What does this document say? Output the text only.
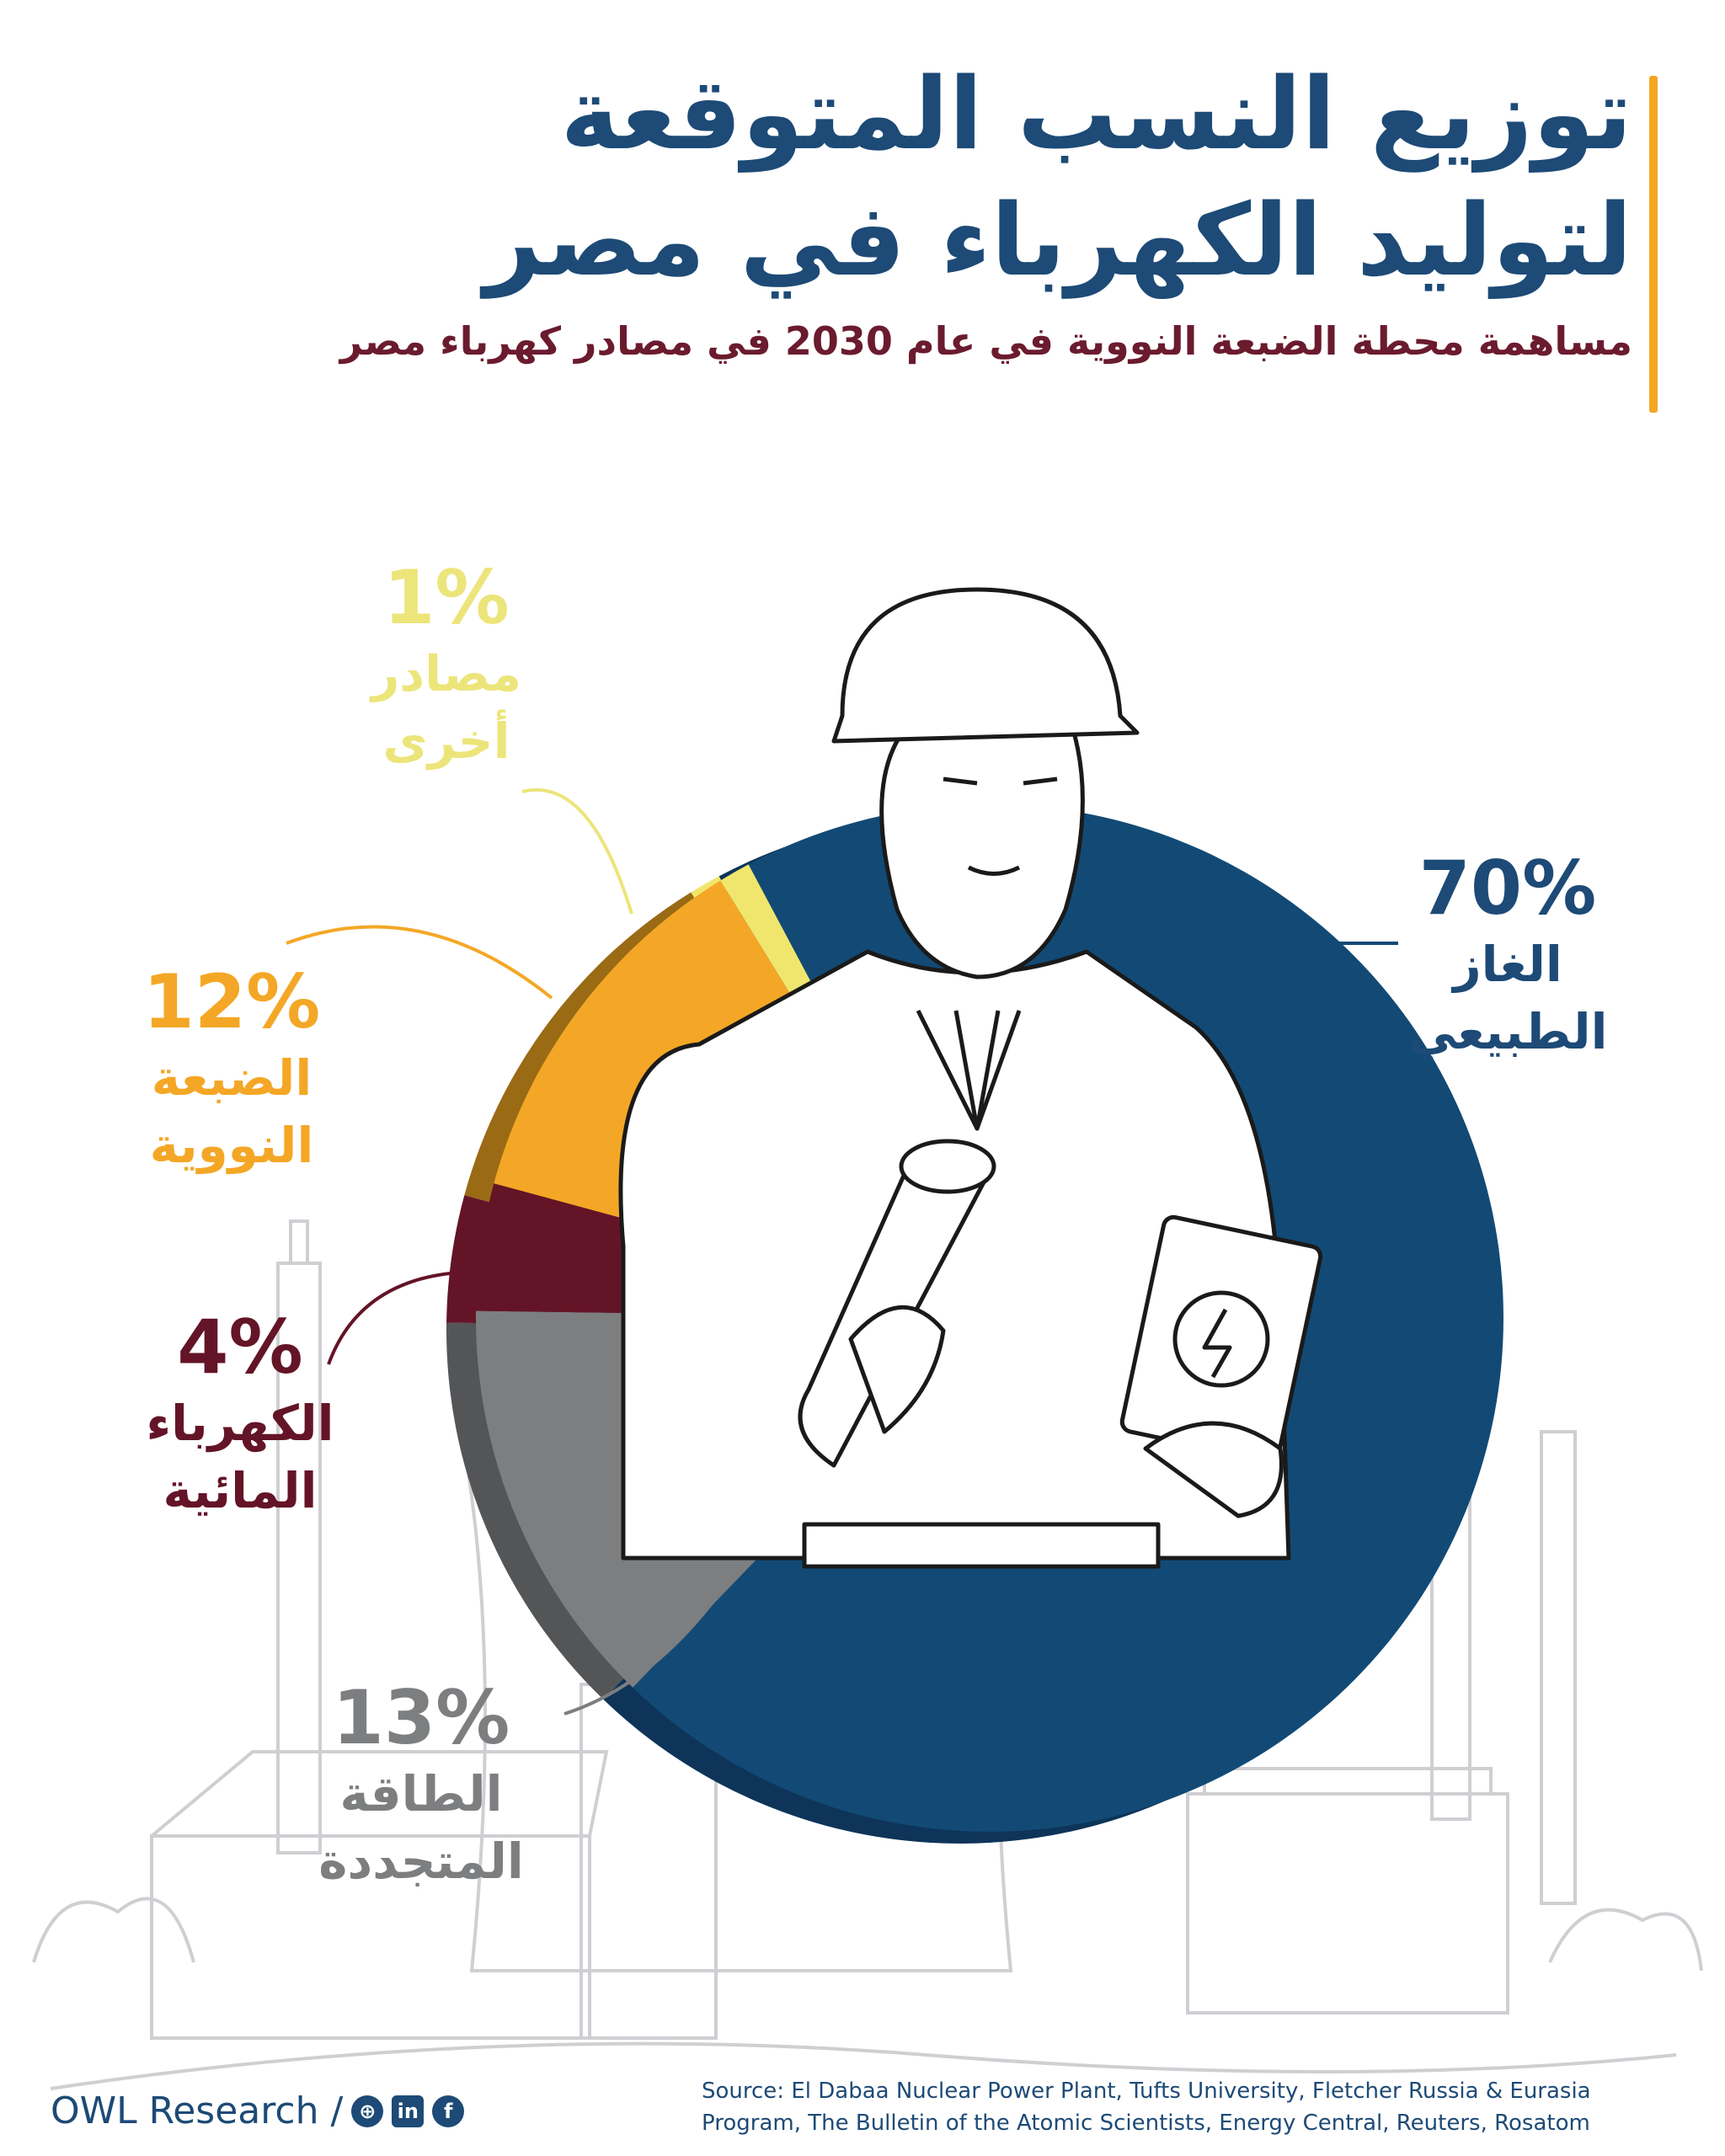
توزيع النسب المتوقعة
لتوليد الكهرباء في مصر
مساهمة محطة الضبعة النووية في عام 2030 في مصادر كهرباء مصر
70%
الغاز
الطبيعي
13%
الطاقة
المتجددة
4%
الكهرباء
المائية
12%
الضبعة
النووية
1%
مصادر
أخرى
OWL Research / ⊕	in	f
Source: El Dabaa Nuclear Power Plant, Tufts University, Fletcher Russia & Eurasia
Program, The Bulletin of the Atomic Scientists, Energy Central, Reuters, Rosatom
